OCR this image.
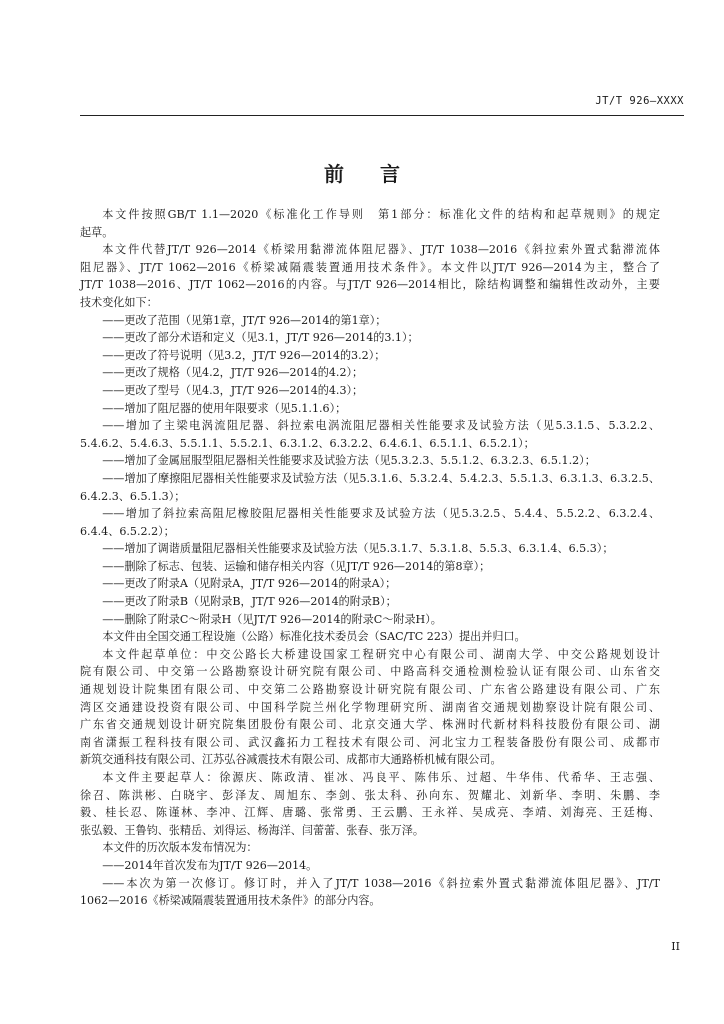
JT/T 926—XXXX
前 言

本文件按照GB/T 1.1—2020《标准化工作导则　第1部分：标准化文件的结构和起草规则》的规定

起草。

本文件代替JT/T 926—2014《桥梁用黏滞流体阻尼器》、JT/T 1038—2016《斜拉索外置式黏滞流体

阻尼器》、JT/T 1062—2016《桥梁减隔震装置通用技术条件》。本文件以JT/T 926—2014为主，整合了

JT/T 1038—2016、JT/T 1062—2016的内容。与JT/T 926—2014相比，除结构调整和编辑性改动外，主要

技术变化如下：

——更改了范围（见第1章，JT/T 926—2014的第1章）；

——更改了部分术语和定义（见3.1，JT/T 926—2014的3.1）；

——更改了符号说明（见3.2，JT/T 926—2014的3.2）；

——更改了规格（见4.2，JT/T 926—2014的4.2）；

——更改了型号（见4.3，JT/T 926—2014的4.3）；

——增加了阻尼器的使用年限要求（见5.1.1.6）；

——增加了主梁电涡流阻尼器、斜拉索电涡流阻尼器相关性能要求及试验方法（见5.3.1.5、5.3.2.2、

5.4.6.2、5.4.6.3、5.5.1.1、5.5.2.1、6.3.1.2、6.3.2.2、6.4.6.1、6.5.1.1、6.5.2.1）；

——增加了金属屈服型阻尼器相关性能要求及试验方法（见5.3.2.3、5.5.1.2、6.3.2.3、6.5.1.2）；

——增加了摩擦阻尼器相关性能要求及试验方法（见5.3.1.6、5.3.2.4、5.4.2.3、5.5.1.3、6.3.1.3、6.3.2.5、

6.4.2.3、6.5.1.3）；

——增加了斜拉索高阻尼橡胶阻尼器相关性能要求及试验方法（见5.3.2.5、5.4.4、5.5.2.2、6.3.2.4、

6.4.4、6.5.2.2）；

——增加了调谐质量阻尼器相关性能要求及试验方法（见5.3.1.7、5.3.1.8、5.5.3、6.3.1.4、6.5.3）；

——删除了标志、包装、运输和储存相关内容（见JT/T 926—2014的第8章）；

——更改了附录A（见附录A，JT/T 926—2014的附录A）；

——更改了附录B（见附录B，JT/T 926—2014的附录B）；

——删除了附录C～附录H（见JT/T 926—2014的附录C～附录H）。

本文件由全国交通工程设施（公路）标准化技术委员会（SAC/TC 223）提出并归口。

本文件起草单位：中交公路长大桥建设国家工程研究中心有限公司、湖南大学、中交公路规划设计

院有限公司、中交第一公路勘察设计研究院有限公司、中路高科交通检测检验认证有限公司、山东省交

通规划设计院集团有限公司、中交第二公路勘察设计研究院有限公司、广东省公路建设有限公司、广东

湾区交通建设投资有限公司、中国科学院兰州化学物理研究所、湖南省交通规划勘察设计院有限公司、

广东省交通规划设计研究院集团股份有限公司、北京交通大学、株洲时代新材料科技股份有限公司、湖

南省潇振工程科技有限公司、武汉鑫拓力工程技术有限公司、河北宝力工程装备股份有限公司、成都市

新筑交通科技有限公司、江苏弘谷减震技术有限公司、成都市大通路桥机械有限公司。

本文件主要起草人：徐源庆、陈政清、崔冰、冯良平、陈伟乐、过超、牛华伟、代希华、王志强、

徐召、陈洪彬、白晓宇、彭泽友、周旭东、李剑、张太科、孙向东、贺耀北、刘新华、李明、朱鹏、李

毅、桂长忍、陈谨林、李冲、江辉、唐璐、张常勇、王云鹏、王永祥、吴成亮、李靖、刘海亮、王廷梅、

张弘毅、王鲁钧、张精岳、刘得运、杨海洋、闫蕾蕾、张春、张万泽。

本文件的历次版本发布情况为：

——2014年首次发布为JT/T 926—2014。

——本次为第一次修订。修订时，并入了JT/T 1038—2016《斜拉索外置式黏滞流体阻尼器》、JT/T

1062—2016《桥梁减隔震装置通用技术条件》的部分内容。

II
